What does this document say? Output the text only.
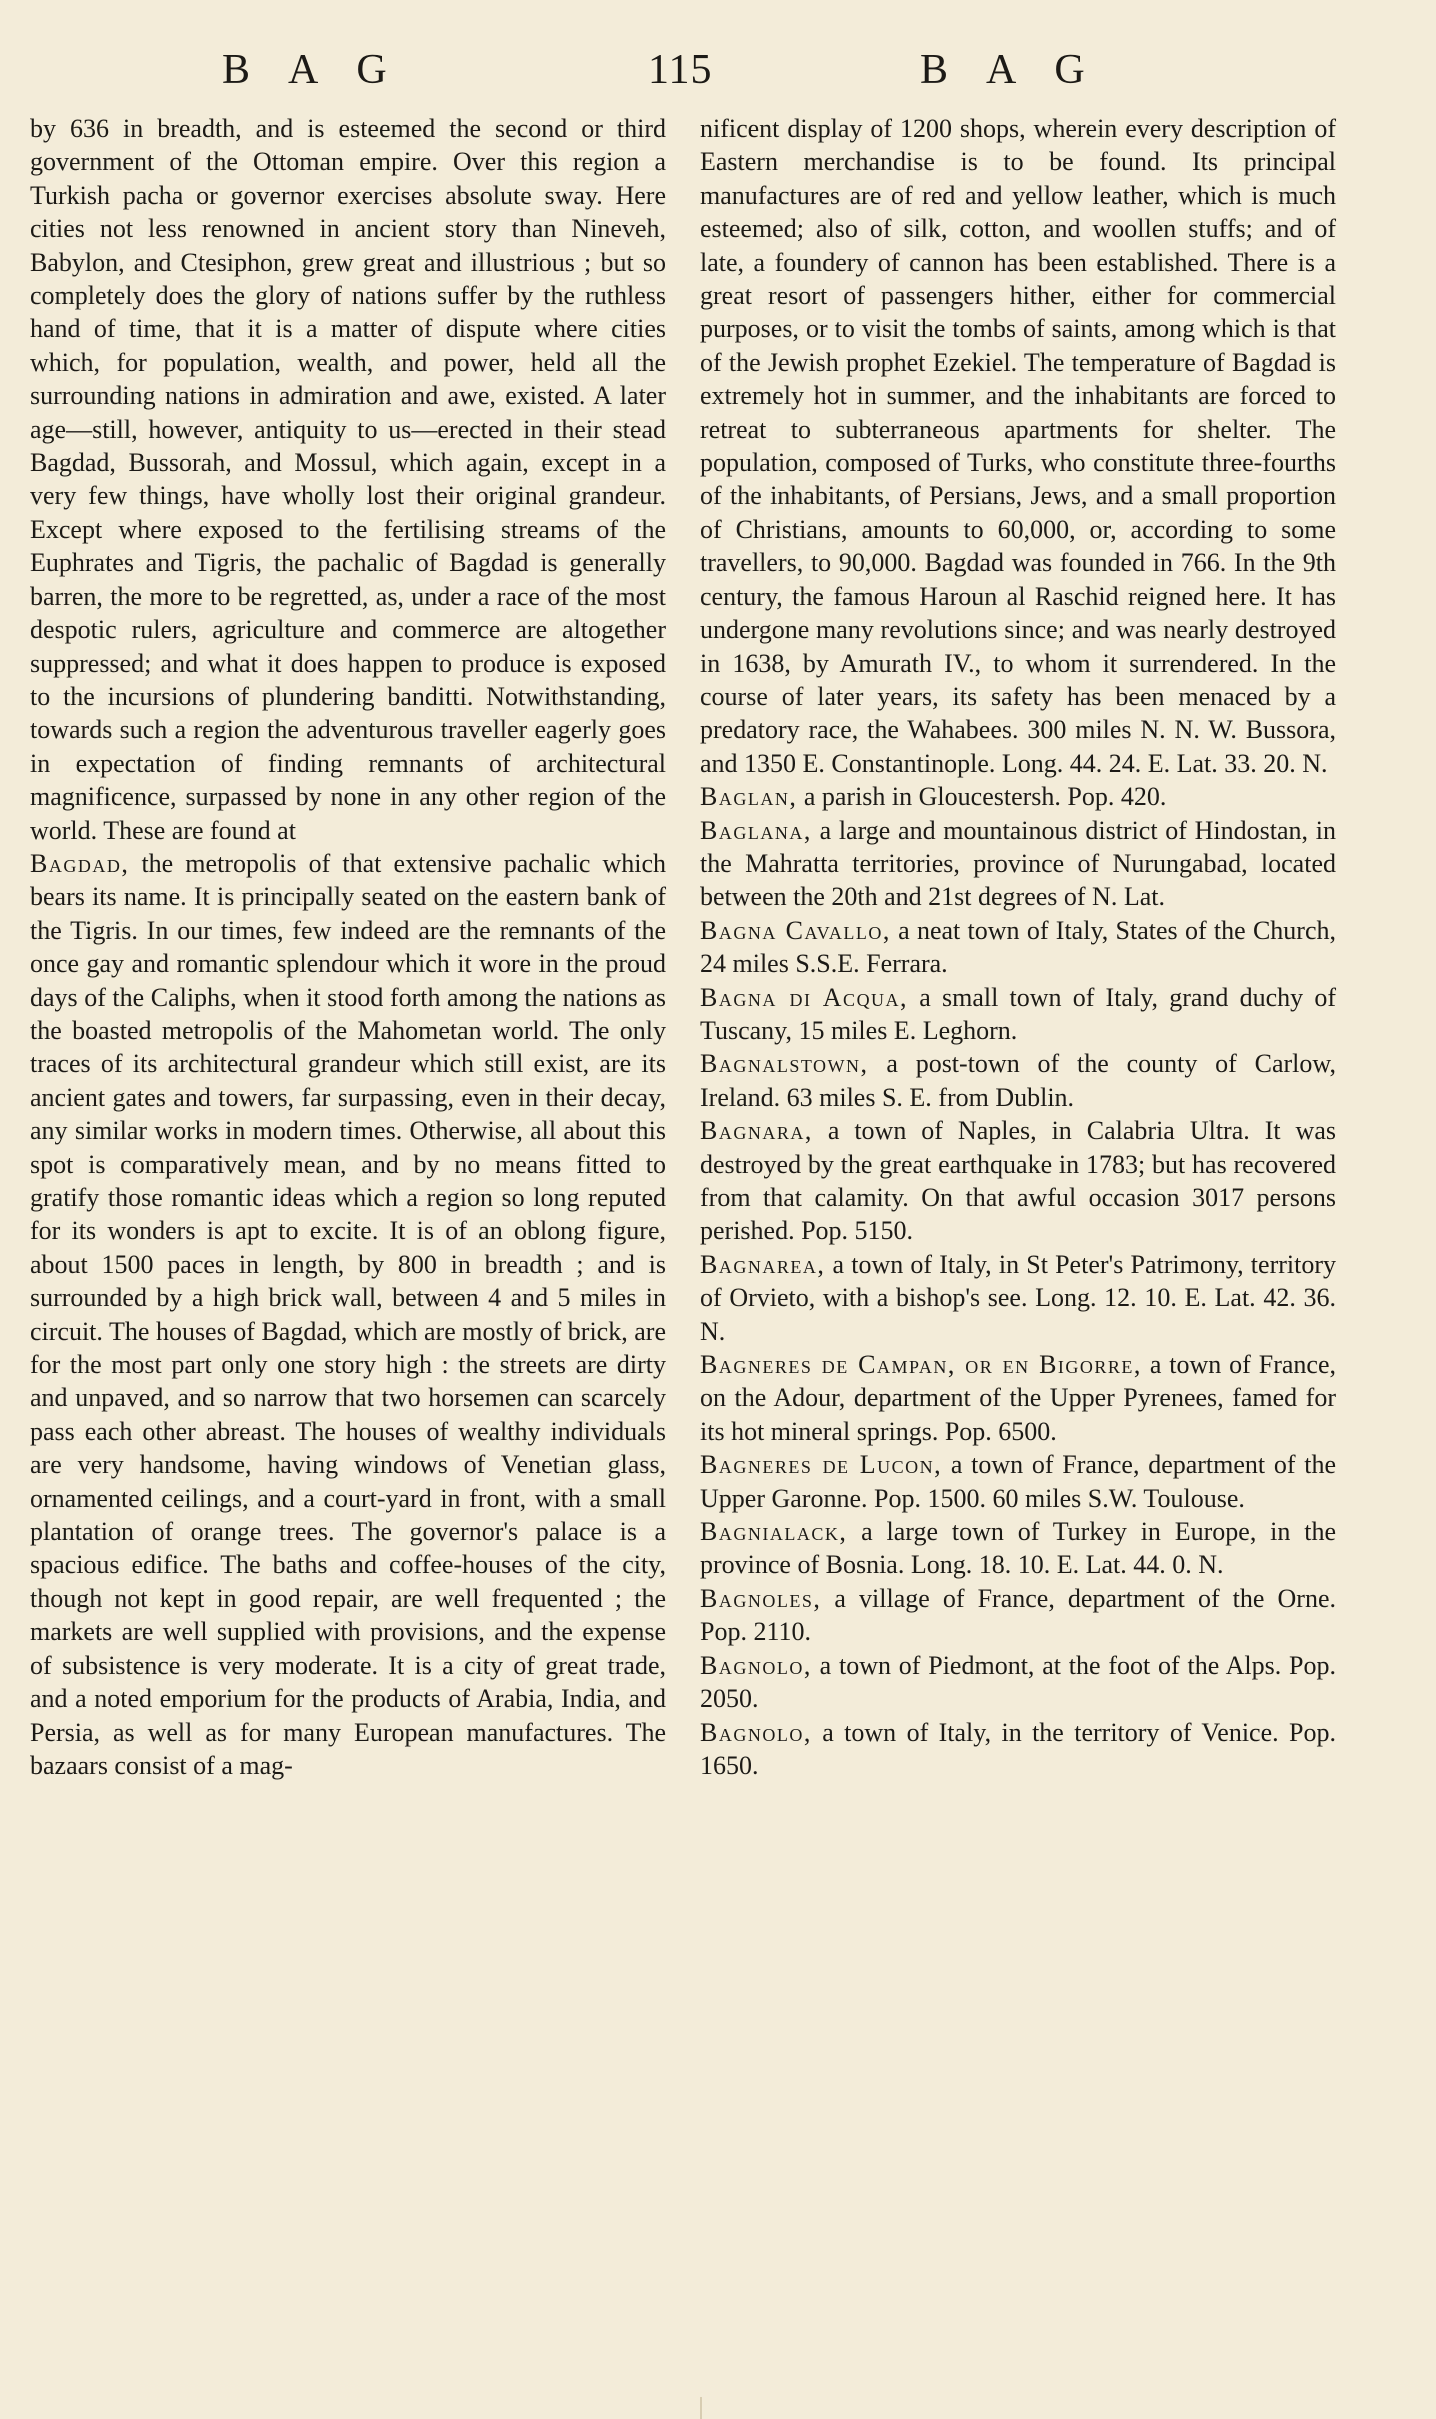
BAG	115	BAG

by 636 in breadth, and is esteemed the second or third government of the Ottoman empire. Over this region a Turkish pacha or governor exercises absolute sway. Here cities not less renowned in ancient story than Nineveh, Babylon, and Ctesiphon, grew great and illustrious ; but so completely does the glory of nations suffer by the ruthless hand of time, that it is a matter of dispute where cities which, for population, wealth, and power, held all the surrounding nations in admiration and awe, existed. A later age—still, however, antiquity to us—erected in their stead Bagdad, Bussorah, and Mossul, which again, except in a very few things, have wholly lost their original grandeur. Except where exposed to the fertilising streams of the Euphrates and Tigris, the pachalic of Bagdad is generally barren, the more to be regretted, as, under a race of the most despotic rulers, agriculture and commerce are altogether suppressed; and what it does happen to produce is exposed to the incursions of plundering banditti. Notwithstanding, towards such a region the adventurous traveller eagerly goes in expectation of finding remnants of architectural magnificence, surpassed by none in any other region of the world. These are found at

Bagdad, the metropolis of that extensive pachalic which bears its name. It is principally seated on the eastern bank of the Tigris. In our times, few indeed are the remnants of the once gay and romantic splendour which it wore in the proud days of the Caliphs, when it stood forth among the nations as the boasted metropolis of the Mahometan world. The only traces of its architectural grandeur which still exist, are its ancient gates and towers, far surpassing, even in their decay, any similar works in modern times. Otherwise, all about this spot is comparatively mean, and by no means fitted to gratify those romantic ideas which a region so long reputed for its wonders is apt to excite. It is of an oblong figure, about 1500 paces in length, by 800 in breadth ; and is surrounded by a high brick wall, between 4 and 5 miles in circuit. The houses of Bagdad, which are mostly of brick, are for the most part only one story high : the streets are dirty and unpaved, and so narrow that two horsemen can scarcely pass each other abreast. The houses of wealthy individuals are very handsome, having windows of Venetian glass, ornamented ceilings, and a court-yard in front, with a small plantation of orange trees. The governor's palace is a spacious edifice. The baths and coffee-houses of the city, though not kept in good repair, are well frequented ; the markets are well supplied with provisions, and the expense of subsistence is very moderate. It is a city of great trade, and a noted emporium for the products of Arabia, India, and Persia, as well as for many European manufactures. The bazaars consist of a mag-

nificent display of 1200 shops, wherein every description of Eastern merchandise is to be found. Its principal manufactures are of red and yellow leather, which is much esteemed; also of silk, cotton, and woollen stuffs; and of late, a foundery of cannon has been established. There is a great resort of passengers hither, either for commercial purposes, or to visit the tombs of saints, among which is that of the Jewish prophet Ezekiel. The temperature of Bagdad is extremely hot in summer, and the inhabitants are forced to retreat to subterraneous apartments for shelter. The population, composed of Turks, who constitute three-fourths of the inhabitants, of Persians, Jews, and a small proportion of Christians, amounts to 60,000, or, according to some travellers, to 90,000. Bagdad was founded in 766. In the 9th century, the famous Haroun al Raschid reigned here. It has undergone many revolutions since; and was nearly destroyed in 1638, by Amurath IV., to whom it surrendered. In the course of later years, its safety has been menaced by a predatory race, the Wahabees. 300 miles N. N. W. Bussora, and 1350 E. Constantinople. Long. 44. 24. E. Lat. 33. 20. N.

Baglan, a parish in Gloucestersh. Pop. 420.

Baglana, a large and mountainous district of Hindostan, in the Mahratta territories, province of Nurungabad, located between the 20th and 21st degrees of N. Lat.

Bagna Cavallo, a neat town of Italy, States of the Church, 24 miles S.S.E. Ferrara.

Bagna di Acqua, a small town of Italy, grand duchy of Tuscany, 15 miles E. Leghorn.

Bagnalstown, a post-town of the county of Carlow, Ireland. 63 miles S. E. from Dublin.

Bagnara, a town of Naples, in Calabria Ultra. It was destroyed by the great earthquake in 1783; but has recovered from that calamity. On that awful occasion 3017 persons perished. Pop. 5150.

Bagnarea, a town of Italy, in St Peter's Patrimony, territory of Orvieto, with a bishop's see. Long. 12. 10. E. Lat. 42. 36. N.

Bagneres de Campan, or en Bigorre, a town of France, on the Adour, department of the Upper Pyrenees, famed for its hot mineral springs. Pop. 6500.

Bagneres de Lucon, a town of France, department of the Upper Garonne. Pop. 1500. 60 miles S.W. Toulouse.

Bagnialack, a large town of Turkey in Europe, in the province of Bosnia. Long. 18. 10. E. Lat. 44. 0. N.

Bagnoles, a village of France, department of the Orne. Pop. 2110.

Bagnolo, a town of Piedmont, at the foot of the Alps. Pop. 2050.

Bagnolo, a town of Italy, in the territory of Venice. Pop. 1650.
